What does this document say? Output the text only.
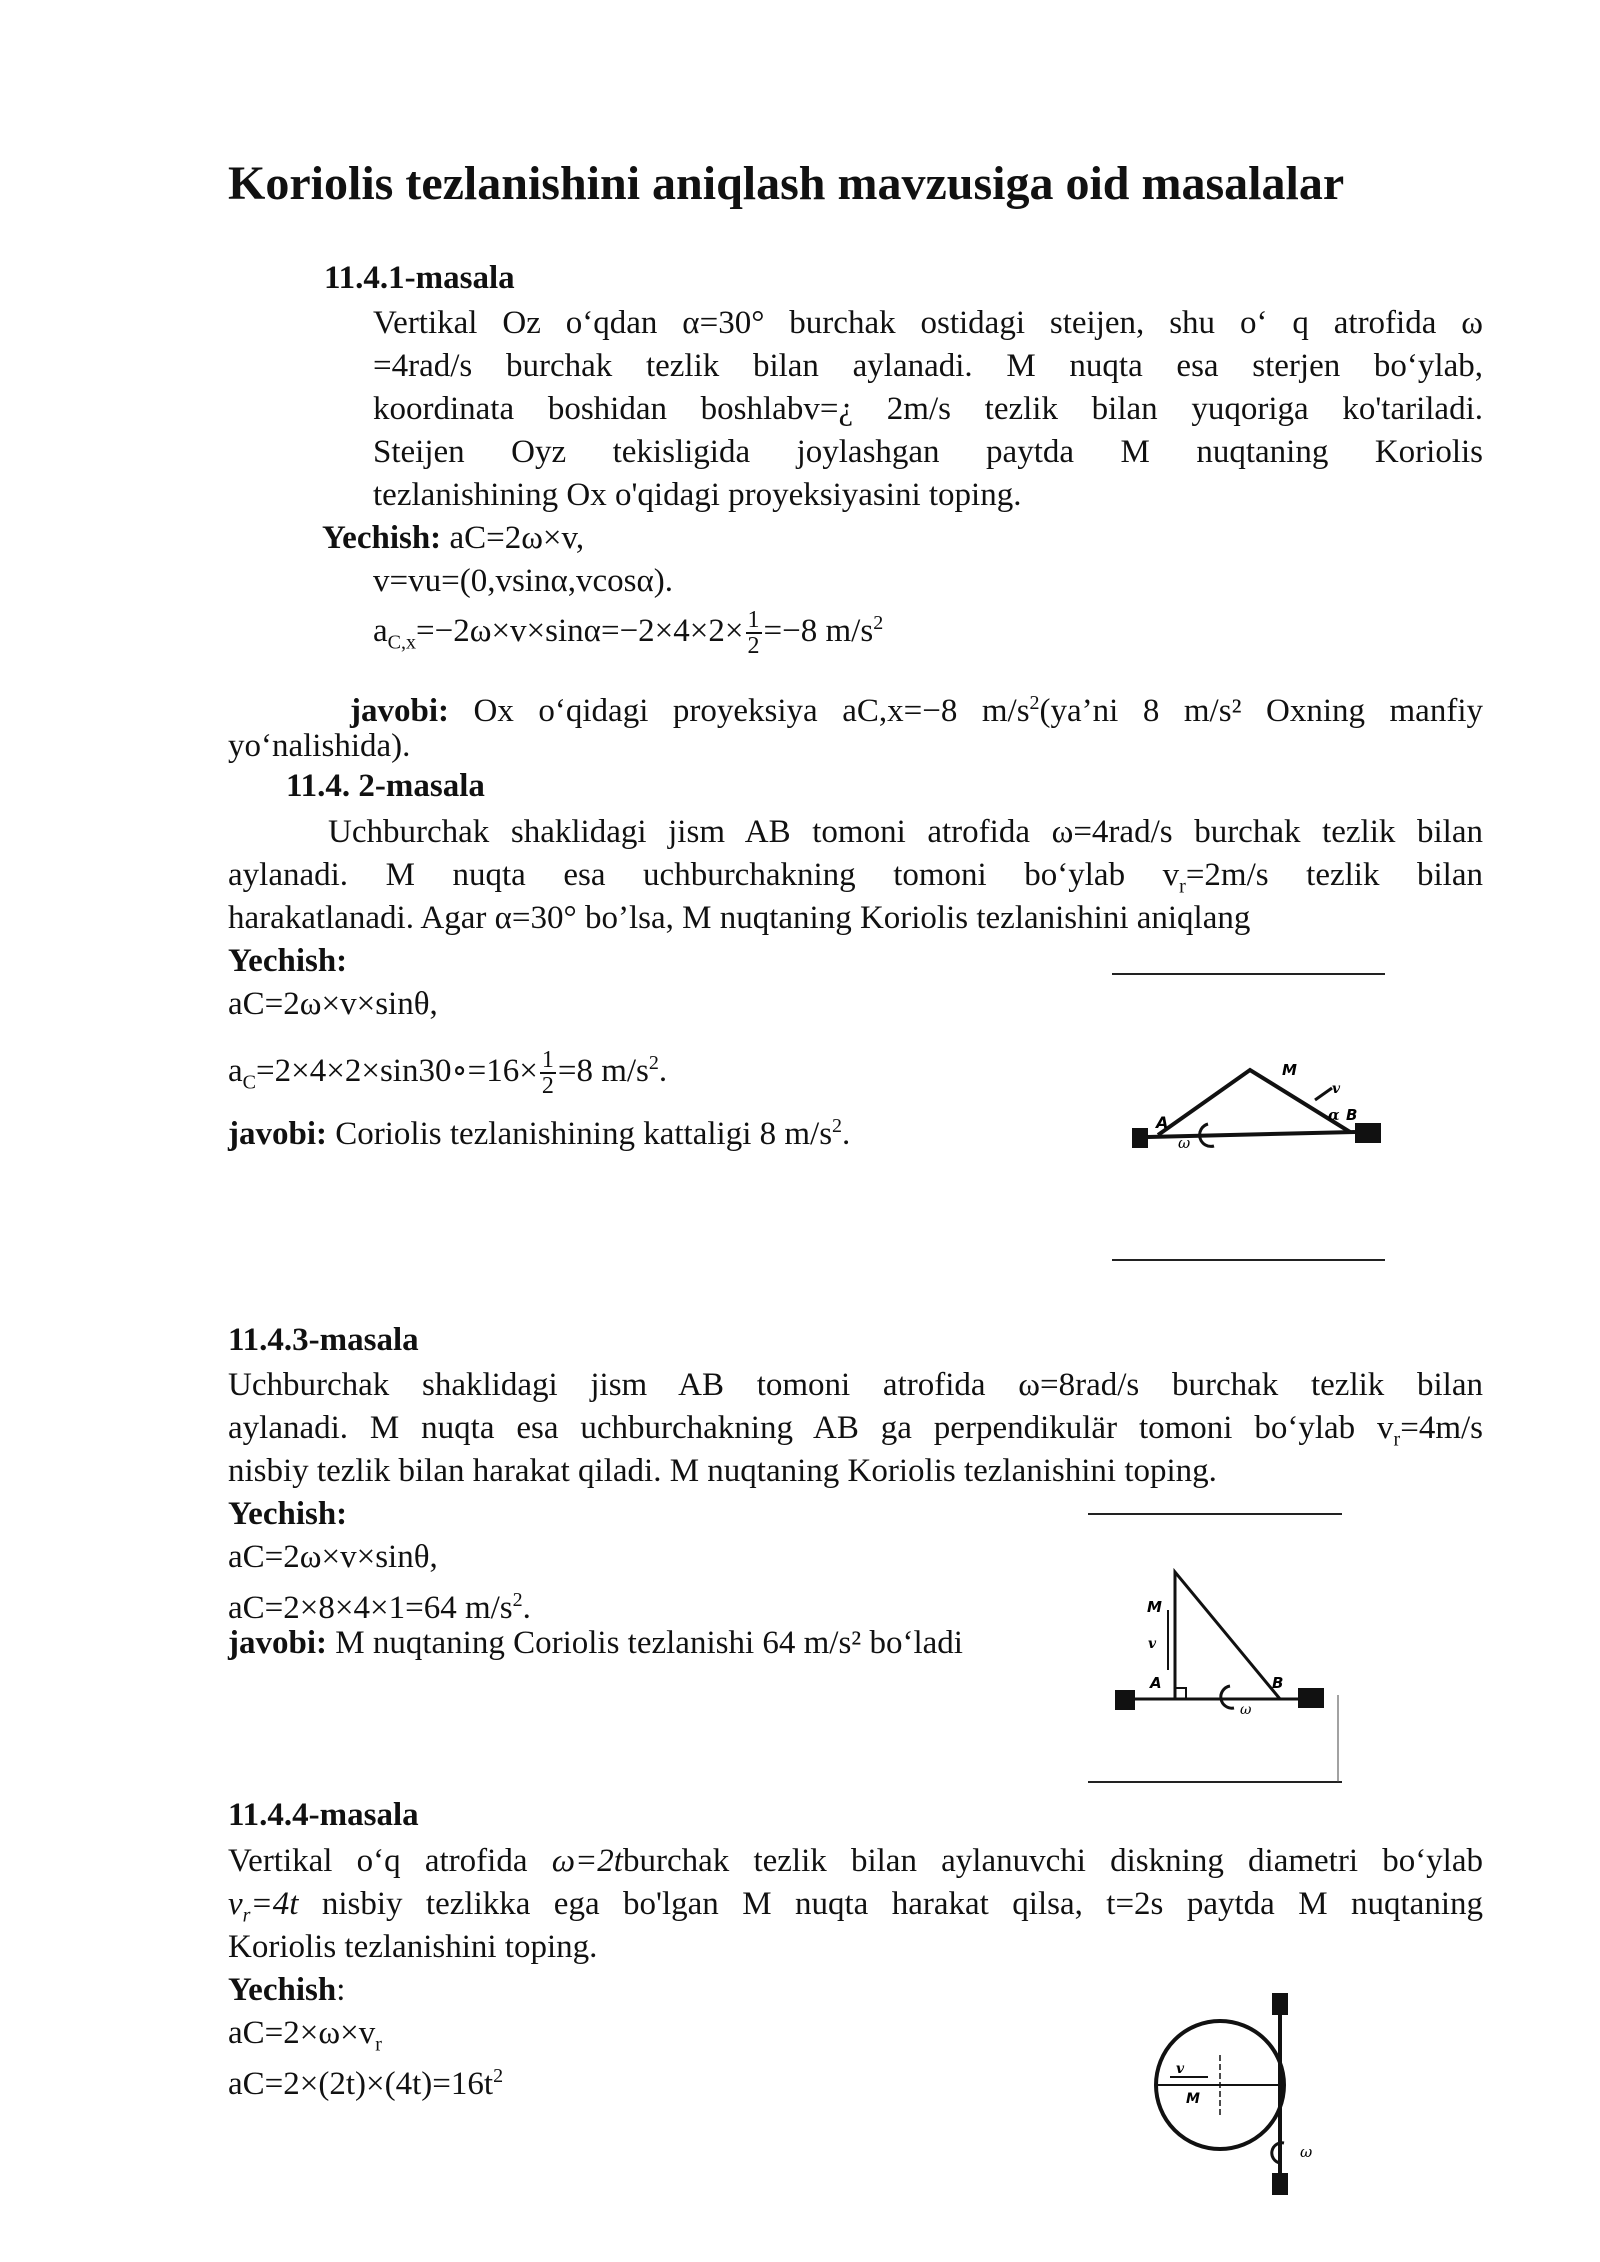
Koriolis tezlanishini aniqlash mavzusiga oid masalalar
11.4.1-masala
Vertikal Oz o‘qdan α=30° burchak ostidagi steijen, shu o‘ q atrofida ω
=4rad/s burchak tezlik bilan aylanadi. M nuqta esa sterjen bo‘ylab,
koordinata boshidan boshlabv=¿ 2m/s tezlik bilan yuqoriga ko'tariladi.
Steijen Oyz tekisligida joylashgan paytda M nuqtaning Koriolis
tezlanishining Ox o'qidagi proyeksiyasini toping.
Yechish: aC=2ω×v,
v=vu=(0,vsinα,vcosα).
$a_{C,x}=-2\omega\times v\times\sin\alpha=-2\times 4\times 2\times \frac{1}{2} =-8$ $m/s^2$
javobi: Ox o‘qidagi proyeksiya aC,x=−8 $m/s^2(ya’ni$ 8 m/s² Oxning manfiy
yo‘nalishida).
11.4. 2-masala
Uchburchak shaklidagi jism AB tomoni atrofida ω=4rad/s burchak tezlik bilan
aylanadi. M nuqta esa uchburchakning tomoni bo‘ylab $v_r=2m/s$ tezlik bilan
harakatlanadi. Agar α=30° bo’lsa, M nuqtaning Koriolis tezlanishini aniqlang
Yechish:
aC=2ω×v×sinθ,
$a_C=2\times 4\times 2\times\sin 30\circ=16\times \frac{1}{2} =8$ $m/s^2$.
javobi: Coriolis tezlanishining kattaligi 8 $m/s^2$.	A
M
B
ω
α
v
11.4.3-masala
Uchburchak shaklidagi jism AB tomoni atrofida ω=8rad/s burchak tezlik bilan
aylanadi. M nuqta esa uchburchakning AB ga perpendikulär tomoni bo‘ylab $v_r=4m/s$
nisbiy tezlik bilan harakat qiladi. M nuqtaning Koriolis tezlanishini toping.
Yechish:
aC=2ω×v×sinθ,
aC=2×8×4×1=64 $m/s^2$.
javobi: M nuqtaning Coriolis tezlanishi 64 m/s² bo‘ladi
M
v
A	B
ω
11.4.4-masala
Vertikal o‘q atrofida ω=2tburchak tezlik bilan aylanuvchi diskning diametri bo‘ylab
$v_r=4t$ nisbiy tezlikka ega bo'lgan M nuqta harakat qilsa, t=2s paytda M nuqtaning
Koriolis tezlanishini toping.
Yechish:
$aC=2\times\omega\times v_r$
$aC=2\times(2t)\times(4t)=16t^2$	v
M
ω
